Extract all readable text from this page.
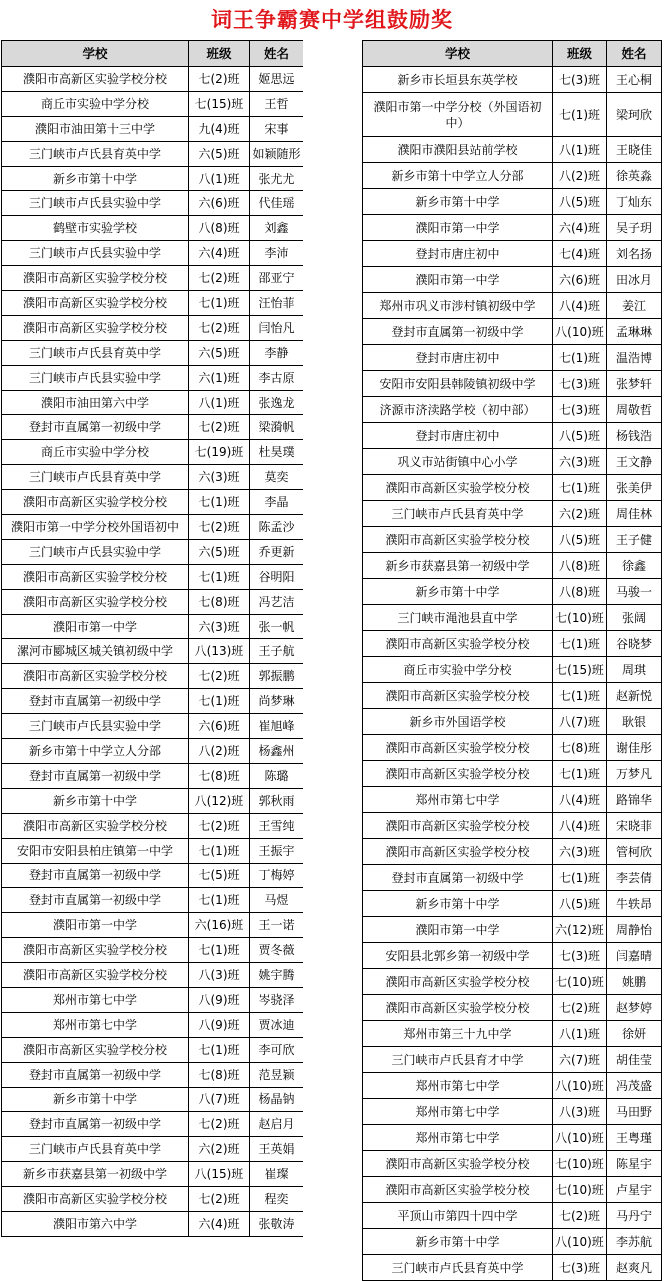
词王争霸赛中学组鼓励奖
学校	班级	姓名
濮阳市高新区实验学校分校	七(2)班	姬思远
商丘市实验中学分校	七(15)班	王哲
濮阳市油田第十三中学	九(4)班	宋事
三门峡市卢氏县育英中学	六(5)班	如颖随形
新乡市第十中学	八(1)班	张尤尤
三门峡市卢氏县实验中学	六(6)班	代佳瑶
鹤壁市实验学校	八(8)班	刘鑫
三门峡市卢氏县实验中学	六(4)班	李沛
濮阳市高新区实验学校分校	七(2)班	邵亚宁
濮阳市高新区实验学校分校	七(1)班	汪怡菲
濮阳市高新区实验学校分校	七(2)班	闫怡凡
三门峡市卢氏县育英中学	六(5)班	李静
三门峡市卢氏县实验中学	六(1)班	李古原
濮阳市油田第六中学	八(1)班	张逸龙
登封市直属第一初级中学	七(2)班	梁漪帆
商丘市实验中学分校	七(19)班	杜昊璞
三门峡市卢氏县育英中学	六(3)班	莫奕
濮阳市高新区实验学校分校	七(1)班	李晶
濮阳市第一中学分校外国语初中	七(2)班	陈孟沙
三门峡市卢氏县实验中学	六(5)班	乔更新
濮阳市高新区实验学校分校	七(1)班	谷明阳
濮阳市高新区实验学校分校	七(8)班	冯艺洁
濮阳市第一中学	六(3)班	张一帆
漯河市郾城区城关镇初级中学	八(13)班	王子航
濮阳市高新区实验学校分校	七(2)班	郭振鹏
登封市直属第一初级中学	七(1)班	尚梦琳
三门峡市卢氏县实验中学	六(6)班	崔旭峰
新乡市第十中学立人分部	八(2)班	杨鑫州
登封市直属第一初级中学	七(8)班	陈璐
新乡市第十中学	八(12)班	郭秋雨
濮阳市高新区实验学校分校	七(2)班	王雪纯
安阳市安阳县柏庄镇第一中学	七(1)班	王振宇
登封市直属第一初级中学	七(5)班	丁梅婷
登封市直属第一初级中学	七(1)班	马煜
濮阳市第一中学	六(16)班	王一诺
濮阳市高新区实验学校分校	七(1)班	贾冬薇
濮阳市高新区实验学校分校	八(3)班	姚宇腾
郑州市第七中学	八(9)班	岑骁泽
郑州市第七中学	八(9)班	贾冰迪
濮阳市高新区实验学校分校	七(1)班	李可欣
登封市直属第一初级中学	七(8)班	范昱颖
新乡市第十中学	八(7)班	杨晶钠
登封市直属第一初级中学	七(2)班	赵启月
三门峡市卢氏县育英中学	六(2)班	王英娟
新乡市获嘉县第一初级中学	八(15)班	崔璨
濮阳市高新区实验学校分校	七(2)班	程奕
濮阳市第六中学	六(4)班	张敬涛
学校	班级	姓名
新乡市长垣县东英学校	七(3)班	王心桐
濮阳市第一中学分校（外国语初中）	七(1)班	梁珂欣
濮阳市濮阳县站前学校	八(1)班	王晓佳
新乡市第十中学立人分部	八(2)班	徐英淼
新乡市第十中学	八(5)班	丁灿东
濮阳市第一中学	六(4)班	吴子玥
登封市唐庄初中	七(4)班	刘名扬
濮阳市第一中学	六(6)班	田冰月
郑州市巩义市涉村镇初级中学	八(4)班	姜江
登封市直属第一初级中学	八(10)班	孟琳琳
登封市唐庄初中	七(1)班	温浩博
安阳市安阳县韩陵镇初级中学	七(3)班	张梦轩
济源市济渎路学校（初中部）	七(3)班	周敬哲
登封市唐庄初中	八(5)班	杨钱浩
巩义市站街镇中心小学	六(3)班	王文静
濮阳市高新区实验学校分校	七(1)班	张美伊
三门峡市卢氏县育英中学	六(2)班	周佳林
濮阳市高新区实验学校分校	八(5)班	王子健
新乡市获嘉县第一初级中学	八(8)班	徐鑫
新乡市第十中学	八(8)班	马骏一
三门峡市渑池县直中学	七(10)班	张阔
濮阳市高新区实验学校分校	七(1)班	谷晓梦
商丘市实验中学分校	七(15)班	周琪
濮阳市高新区实验学校分校	七(1)班	赵新悦
新乡市外国语学校	八(7)班	耿银
濮阳市高新区实验学校分校	七(8)班	谢佳彤
濮阳市高新区实验学校分校	七(1)班	万梦凡
郑州市第七中学	八(4)班	路锦华
濮阳市高新区实验学校分校	八(4)班	宋晓菲
濮阳市高新区实验学校分校	六(3)班	管柯欣
登封市直属第一初级中学	七(1)班	李芸倩
新乡市第十中学	八(5)班	牛轶昂
濮阳市第一中学	六(12)班	周静怡
安阳县北郭乡第一初级中学	七(3)班	闫嘉晴
濮阳市高新区实验学校分校	七(10)班	姚鹏
濮阳市高新区实验学校分校	七(2)班	赵梦婷
郑州市第三十九中学	八(1)班	徐妍
三门峡市卢氏县育才中学	六(7)班	胡佳莹
郑州市第七中学	八(10)班	冯茂盛
郑州市第七中学	八(3)班	马田野
郑州市第七中学	八(10)班	王粤瑾
濮阳市高新区实验学校分校	七(10)班	陈星宇
濮阳市高新区实验学校分校	七(10)班	卢星宇
平顶山市第四十四中学	七(2)班	马丹宁
新乡市第十中学	八(10)班	李苏航
三门峡市卢氏县育英中学	七(3)班	赵爽凡
